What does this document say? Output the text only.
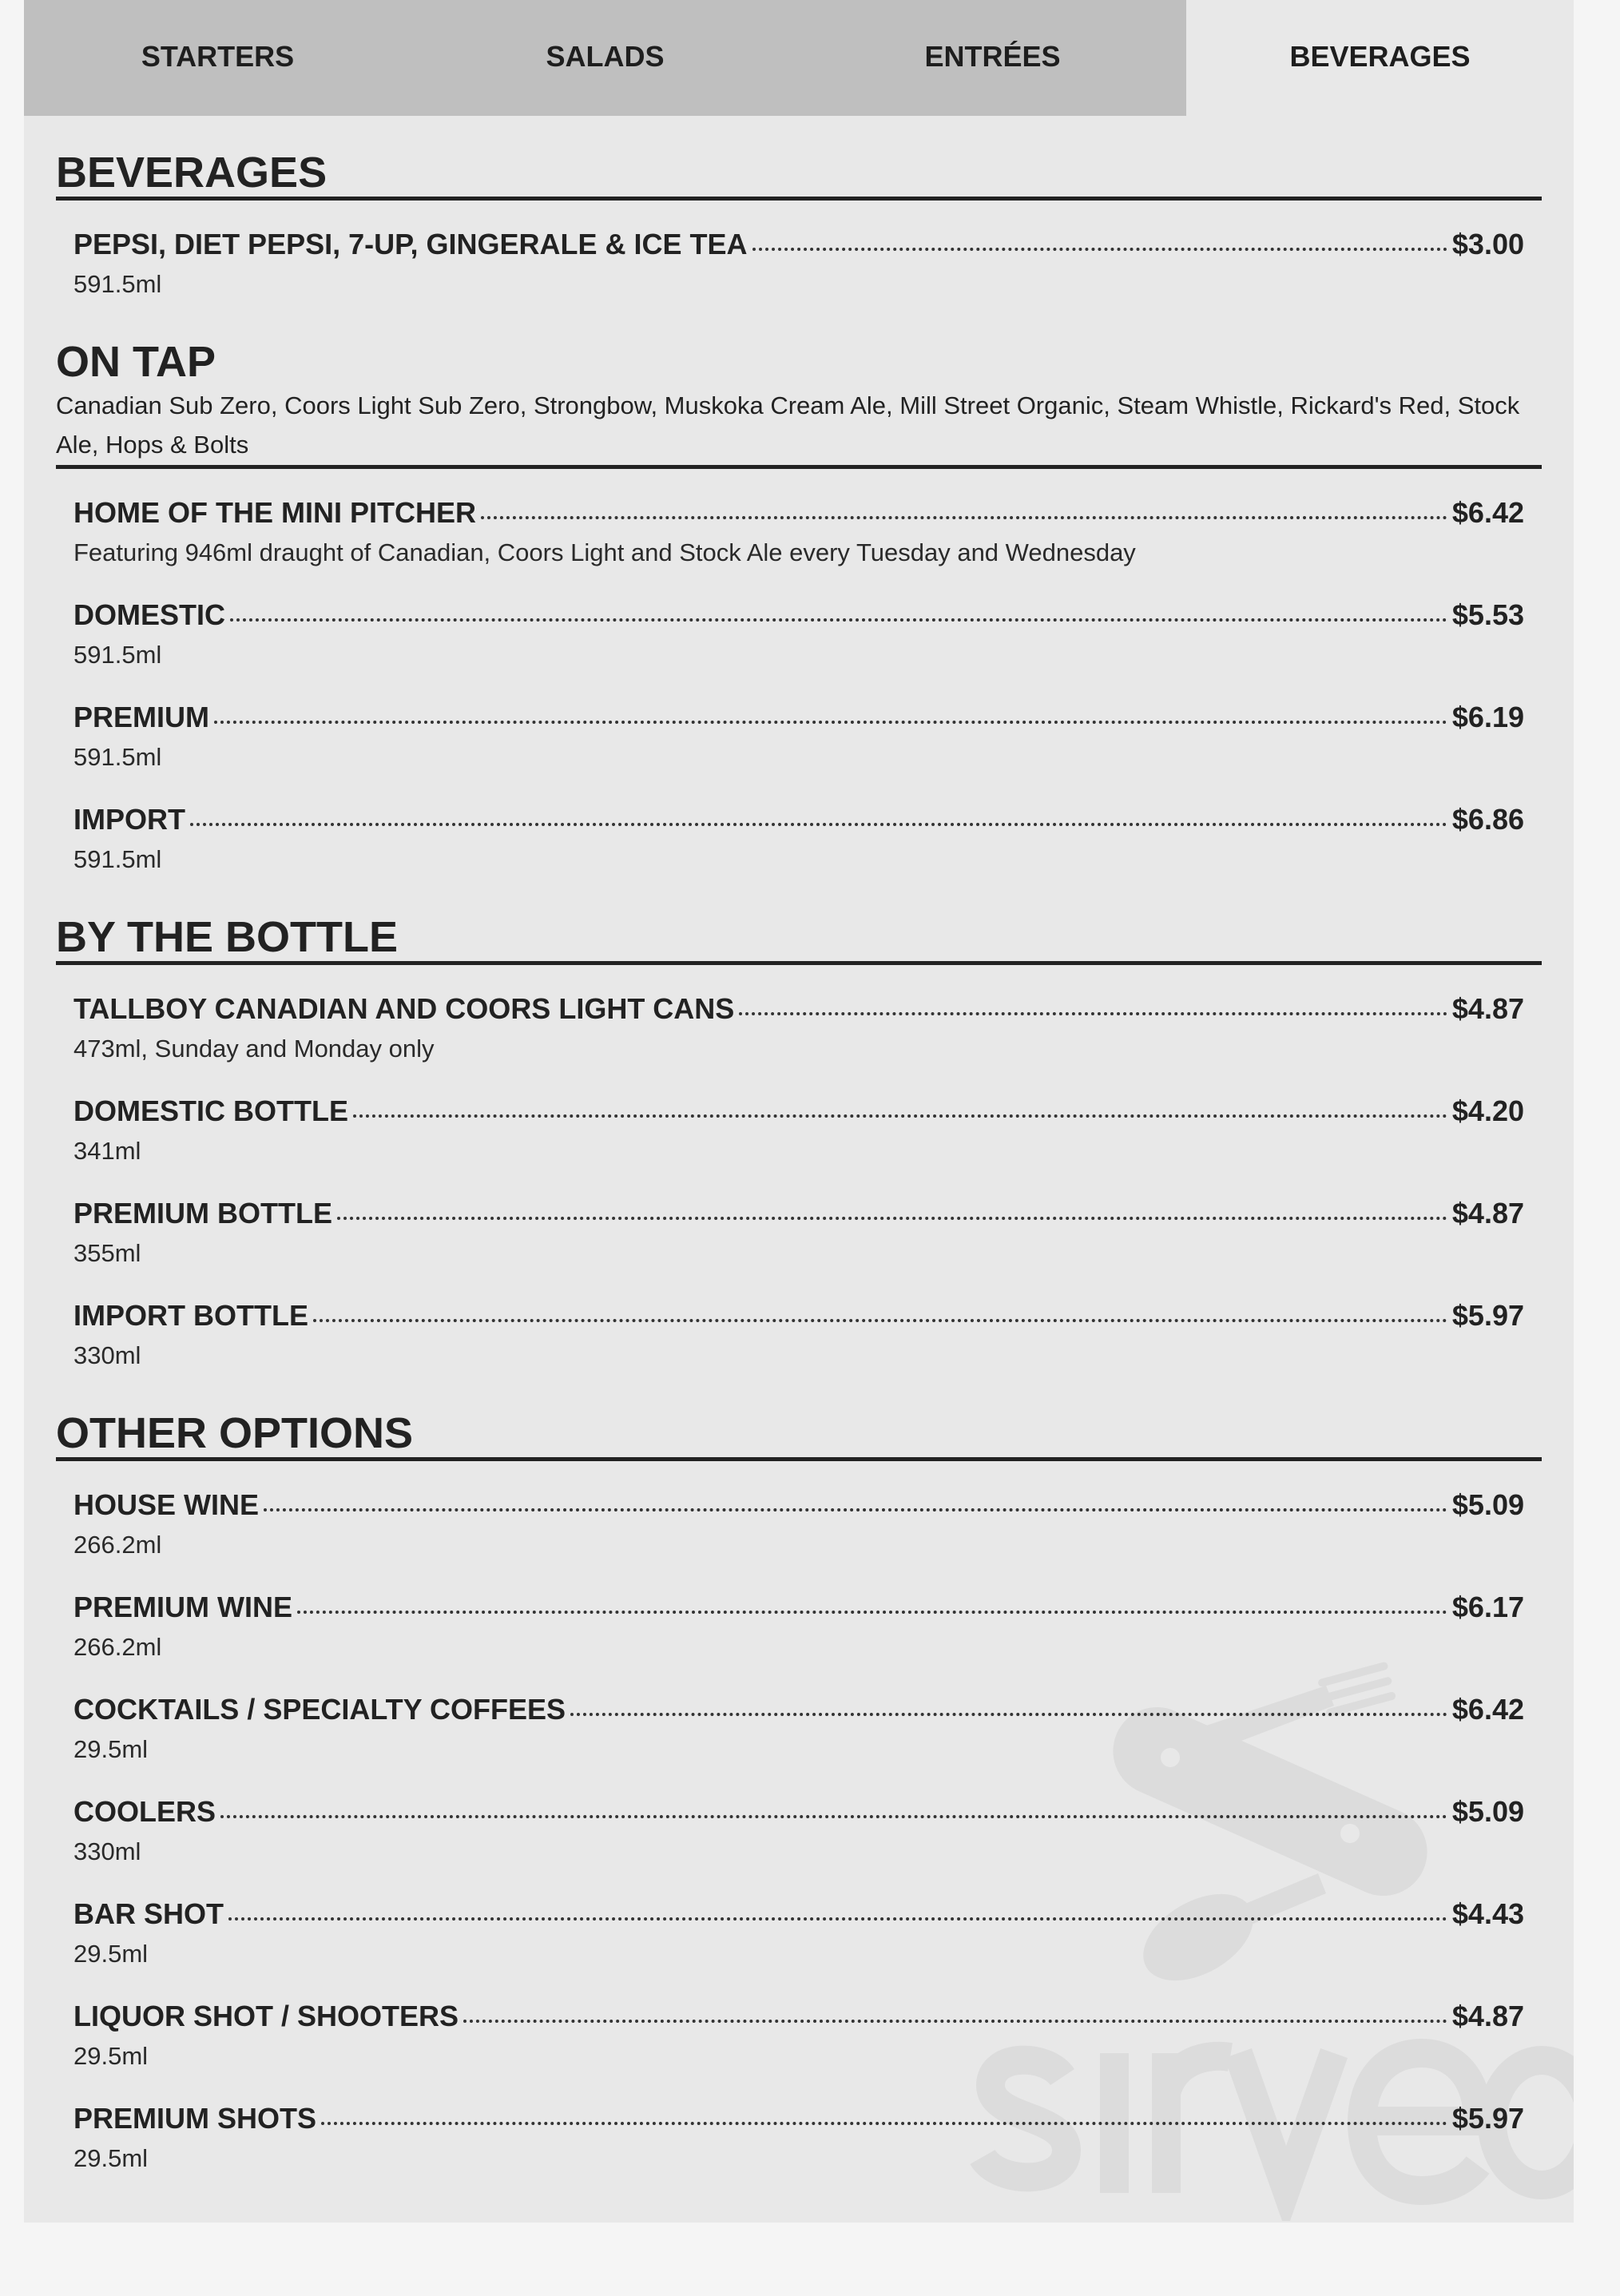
STARTERS	SALADS	ENTRÉES	BEVERAGES
BEVERAGES
PEPSI, DIET PEPSI, 7-UP, GINGERALE & ICE TEA	$3.00
591.5ml
ON TAP
Canadian Sub Zero, Coors Light Sub Zero, Strongbow, Muskoka Cream Ale, Mill Street Organic, Steam Whistle, Rickard's Red, Stock Ale, Hops & Bolts
HOME OF THE MINI PITCHER	$6.42
Featuring 946ml draught of Canadian, Coors Light and Stock Ale every Tuesday and Wednesday
DOMESTIC	$5.53
591.5ml
PREMIUM	$6.19
591.5ml
IMPORT	$6.86
591.5ml
BY THE BOTTLE
TALLBOY CANADIAN AND COORS LIGHT CANS	$4.87
473ml, Sunday and Monday only
DOMESTIC BOTTLE	$4.20
341ml
PREMIUM BOTTLE	$4.87
355ml
IMPORT BOTTLE	$5.97
330ml
OTHER OPTIONS
HOUSE WINE	$5.09
266.2ml
PREMIUM WINE	$6.17
266.2ml
COCKTAILS / SPECIALTY COFFEES	$6.42
29.5ml
COOLERS	$5.09
330ml
BAR SHOT	$4.43
29.5ml
LIQUOR SHOT / SHOOTERS	$4.87
29.5ml
PREMIUM SHOTS	$5.97
29.5ml
